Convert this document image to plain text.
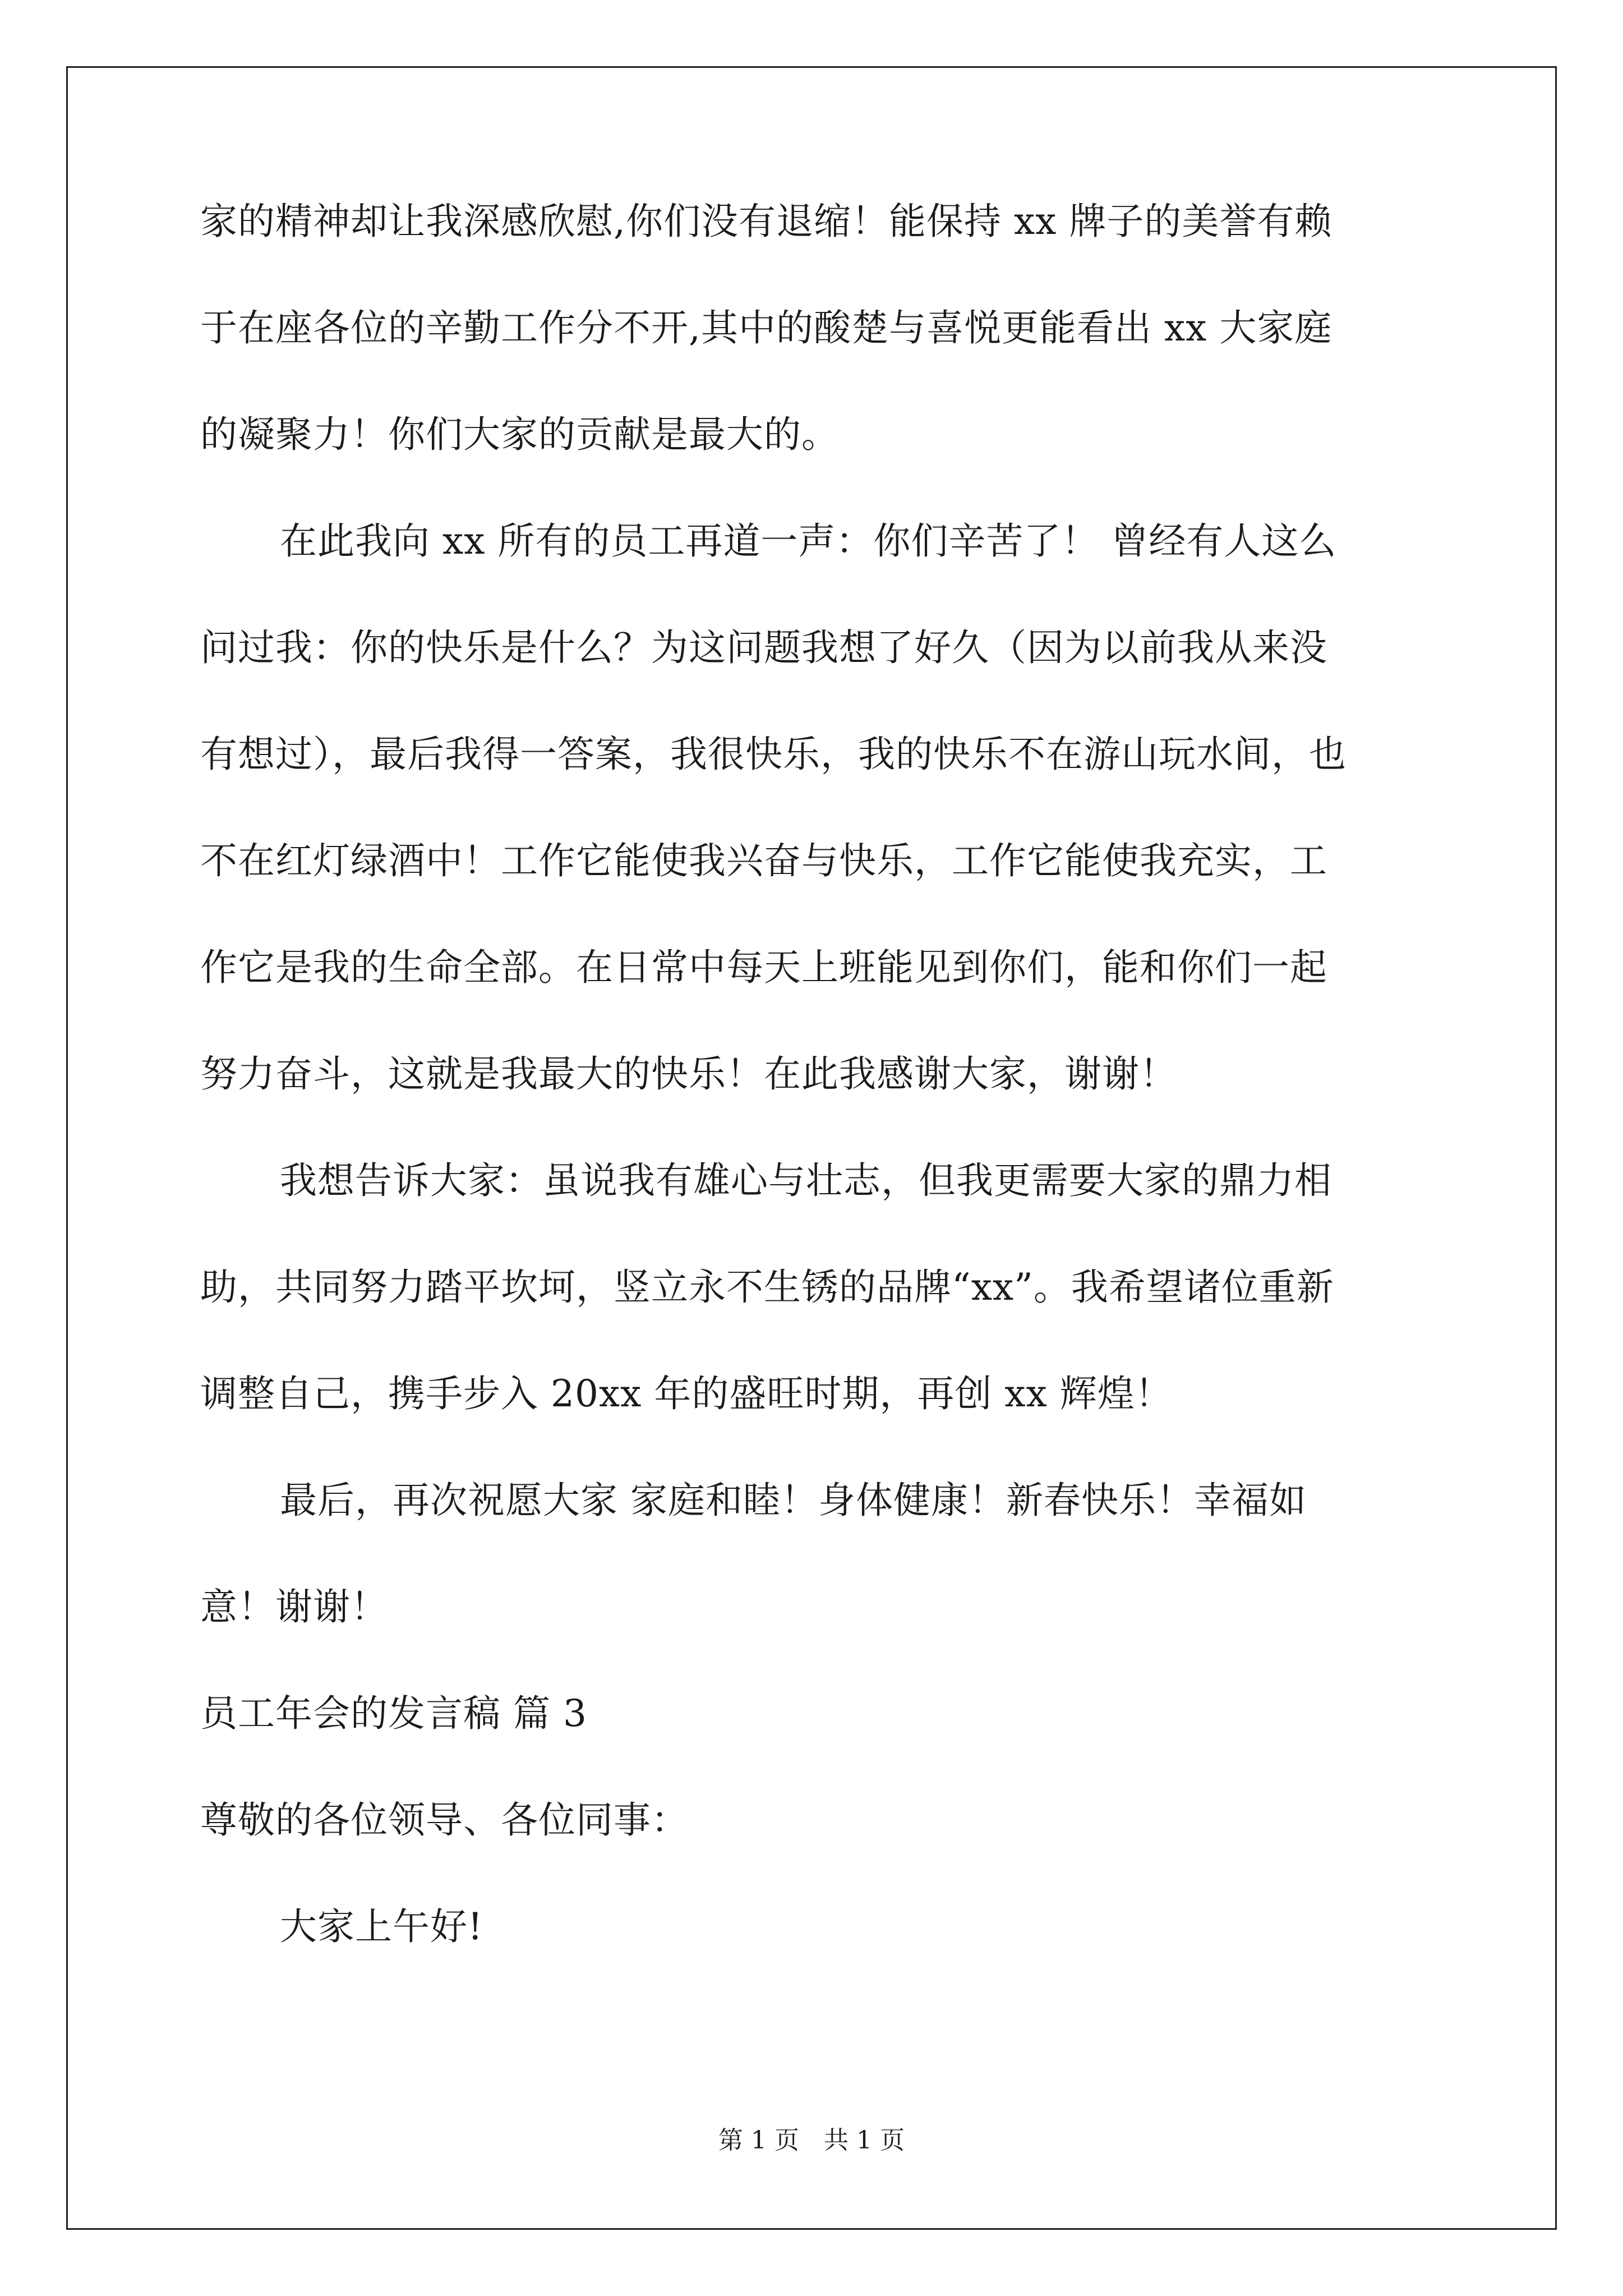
家的精神却让我深感欣慰,你们没有退缩！能保持 xx 牌子的美誉有赖
于在座各位的辛勤工作分不开,其中的酸楚与喜悦更能看出 xx 大家庭
的凝聚力！你们大家的贡献是最大的。
在此我向 xx 所有的员工再道一声：你们辛苦了！ 曾经有人这么
问过我：你的快乐是什么？为这问题我想了好久（因为以前我从来没
有想过），最后我得一答案，我很快乐，我的快乐不在游山玩水间，也
不在红灯绿酒中！工作它能使我兴奋与快乐，工作它能使我充实，工
作它是我的生命全部。在日常中每天上班能见到你们，能和你们一起
努力奋斗，这就是我最大的快乐！在此我感谢大家，谢谢！
我想告诉大家：虽说我有雄心与壮志，但我更需要大家的鼎力相
助，共同努力踏平坎坷，竖立永不生锈的品牌“xx”。我希望诸位重新
调整自己，携手步入 20xx 年的盛旺时期，再创 xx 辉煌！
最后，再次祝愿大家 家庭和睦！身体健康！新春快乐！幸福如
意！谢谢！
员工年会的发言稿 篇 3
尊敬的各位领导、各位同事：
大家上午好!
第 1 页　共 1 页
